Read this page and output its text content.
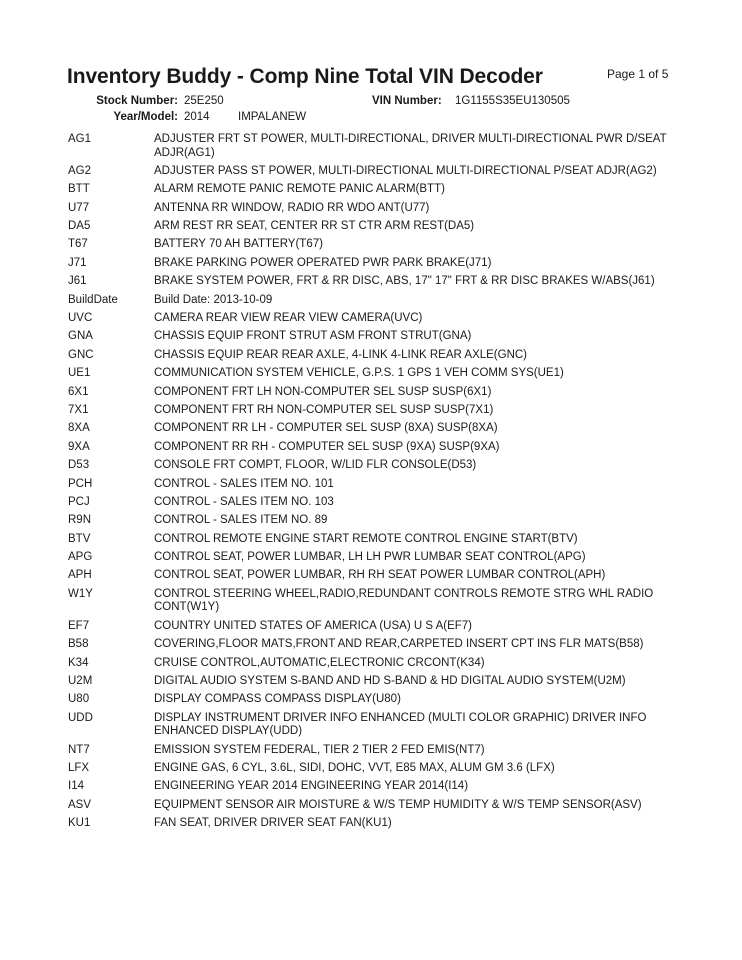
Inventory Buddy - Comp Nine Total VIN Decoder	Page 1 of 5
Stock Number: 25E250
Year/Model: 2014 IMPALANEW
VIN Number: 1G1155S35EU130505
AG1	ADJUSTER FRT ST POWER, MULTI-DIRECTIONAL, DRIVER MULTI-DIRECTIONAL PWR D/SEAT ADJR(AG1)
AG2	ADJUSTER PASS ST POWER, MULTI-DIRECTIONAL MULTI-DIRECTIONAL P/SEAT ADJR(AG2)
BTT	ALARM REMOTE PANIC REMOTE PANIC ALARM(BTT)
U77	ANTENNA RR WINDOW, RADIO RR WDO ANT(U77)
DA5	ARM REST RR SEAT, CENTER RR ST CTR ARM REST(DA5)
T67	BATTERY 70 AH BATTERY(T67)
J71	BRAKE PARKING POWER OPERATED PWR PARK BRAKE(J71)
J61	BRAKE SYSTEM POWER, FRT & RR DISC, ABS, 17" 17" FRT & RR DISC BRAKES W/ABS(J61)
BuildDate	Build Date: 2013-10-09
UVC	CAMERA REAR VIEW REAR VIEW CAMERA(UVC)
GNA	CHASSIS EQUIP FRONT STRUT ASM FRONT STRUT(GNA)
GNC	CHASSIS EQUIP REAR REAR AXLE, 4-LINK 4-LINK REAR AXLE(GNC)
UE1	COMMUNICATION SYSTEM VEHICLE, G.P.S. 1 GPS 1 VEH COMM SYS(UE1)
6X1	COMPONENT FRT LH NON-COMPUTER SEL SUSP SUSP(6X1)
7X1	COMPONENT FRT RH NON-COMPUTER SEL SUSP SUSP(7X1)
8XA	COMPONENT RR LH - COMPUTER SEL SUSP (8XA) SUSP(8XA)
9XA	COMPONENT RR RH - COMPUTER SEL SUSP (9XA) SUSP(9XA)
D53	CONSOLE FRT COMPT, FLOOR, W/LID FLR CONSOLE(D53)
PCH	CONTROL - SALES ITEM NO. 101
PCJ	CONTROL - SALES ITEM NO. 103
R9N	CONTROL - SALES ITEM NO. 89
BTV	CONTROL REMOTE ENGINE START REMOTE CONTROL ENGINE START(BTV)
APG	CONTROL SEAT, POWER LUMBAR, LH LH PWR LUMBAR SEAT CONTROL(APG)
APH	CONTROL SEAT, POWER LUMBAR, RH RH SEAT POWER LUMBAR CONTROL(APH)
W1Y	CONTROL STEERING WHEEL,RADIO,REDUNDANT CONTROLS REMOTE STRG WHL RADIO CONT(W1Y)
EF7	COUNTRY UNITED STATES OF AMERICA (USA) U S A(EF7)
B58	COVERING,FLOOR MATS,FRONT AND REAR,CARPETED INSERT CPT INS FLR MATS(B58)
K34	CRUISE CONTROL,AUTOMATIC,ELECTRONIC CRCONT(K34)
U2M	DIGITAL AUDIO SYSTEM S-BAND AND HD S-BAND & HD DIGITAL AUDIO SYSTEM(U2M)
U80	DISPLAY COMPASS COMPASS DISPLAY(U80)
UDD	DISPLAY INSTRUMENT DRIVER INFO ENHANCED (MULTI COLOR GRAPHIC) DRIVER INFO ENHANCED DISPLAY(UDD)
NT7	EMISSION SYSTEM FEDERAL, TIER 2 TIER 2 FED EMIS(NT7)
LFX	ENGINE GAS, 6 CYL, 3.6L, SIDI, DOHC, VVT, E85 MAX, ALUM GM 3.6 (LFX)
I14	ENGINEERING YEAR 2014 ENGINEERING YEAR 2014(I14)
ASV	EQUIPMENT SENSOR AIR MOISTURE & W/S TEMP HUMIDITY & W/S TEMP SENSOR(ASV)
KU1	FAN SEAT, DRIVER DRIVER SEAT FAN(KU1)
